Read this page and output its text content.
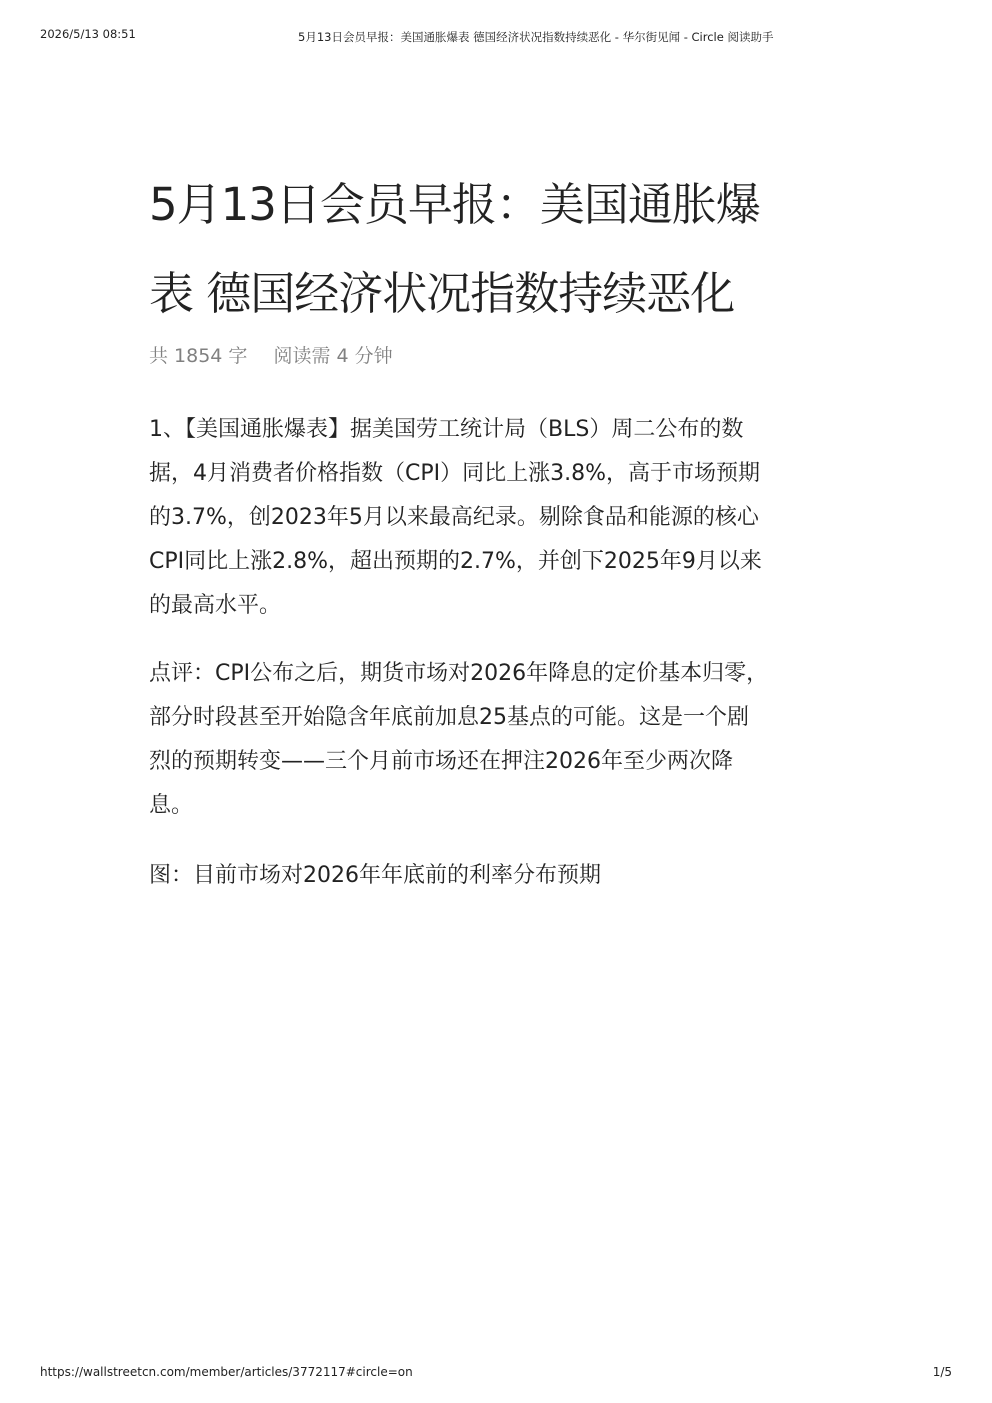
2026/5/13 08:51	5月13日会员早报：美国通胀爆表 德国经济状况指数持续恶化 - 华尔街见闻 - Circle 阅读助手
5月13日会员早报：美国通胀爆
表 德国经济状况指数持续恶化
共 1854 字 阅读需 4 分钟
1、【美国通胀爆表】据美国劳工统计局（BLS）周二公布的数
据，4月消费者价格指数（CPI）同比上涨3.8%，高于市场预期
的3.7%，创2023年5月以来最高纪录。剔除食品和能源的核心
CPI同比上涨2.8%，超出预期的2.7%，并创下2025年9月以来
的最高水平。
点评：CPI公布之后，期货市场对2026年降息的定价基本归零，
部分时段甚至开始隐含年底前加息25基点的可能。这是一个剧
烈的预期转变——三个月前市场还在押注2026年至少两次降
息。
图：目前市场对2026年年底前的利率分布预期
https://wallstreetcn.com/member/articles/3772117#circle=on	1/5
